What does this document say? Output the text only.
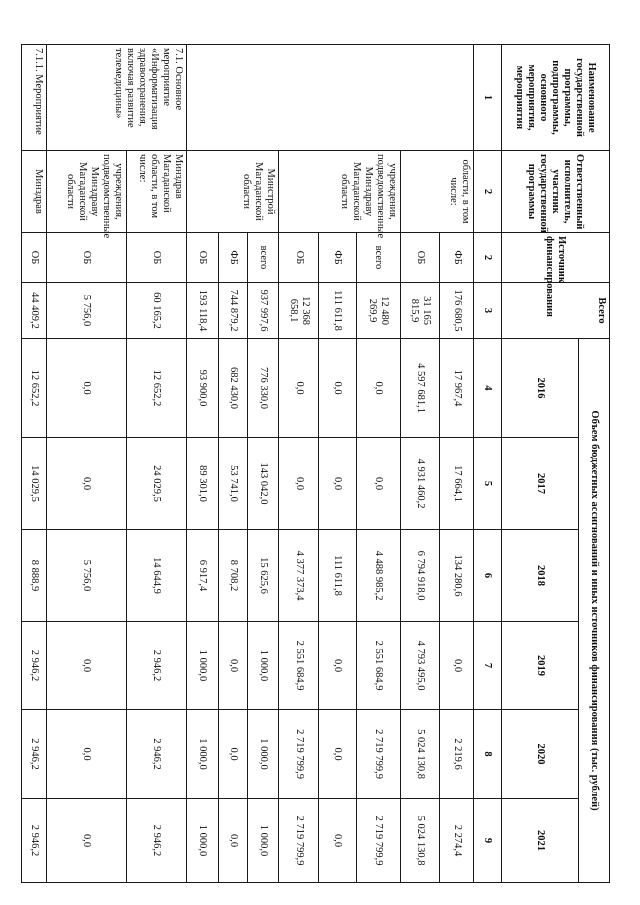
Наименование государственной программы, подпрограммы, основного мероприятия, мероприятия	Ответственный исполнитель, участник государственной программы	Источник финансирования	Всего	Объем бюджетных ассигнований и иных источников финансирования (тыс. рублей)					
				2016	2017	2018	2019	2020	2021
1	2	2	3	4	5	6	7	8	9
	области, в том числе:	ФБ	176 680,5	17 967,4	17 664,1	134 280,6	0,0	2 219,6	2 274,4
		ОБ	31 165 815,9	4 597 681,1	4 931 460,2	6 794 918,0	4 793 495,0	5 024 130,8	5 024 130,8
	учреждения, подведомственные Минздраву Магаданской области	всего	12 480 269,9	0,0	0,0	4 488 985,2	2 551 684,9	2 719 799,9	2 719 799,9
		ФБ	111 611,8	0,0	0,0	111 611,8	0,0	0,0	0,0
		ОБ	12 368 658,1	0,0	0,0	4 377 373,4	2 551 684,9	2 719 799,9	2 719 799,9
	Минстрой Магаданской области	всего	937 997,6	776 330,0	143 042,0	15 625,6	1 000,0	1 000,0	1 000,0
		ФБ	744 879,2	682 430,0	53 741,0	8 708,2	0,0	0,0	0,0
		ОБ	193 118,4	93 900,0	89 301,0	6 917,4	1 000,0	1 000,0	1 000,0
7.1. Основное мероприятие «Информатизация здравоохранения, включая развитие телемедицины»	Минздрав Магаданской области, в том числе:	ОБ	60 165,2	12 652,2	24 029,5	14 644,9	2 946,2	2 946,2	2 946,2
	учреждения, подведомственные Минздраву Магаданской области	ОБ	5 756,0	0,0	0,0	5 756,0	0,0	0,0	0,0
7.1.1. Мероприятие	Минздрав	ОБ	44 409,2	12 652,2	14 029,5	8 888,9	2 946,2	2 946,2	2 946,2
